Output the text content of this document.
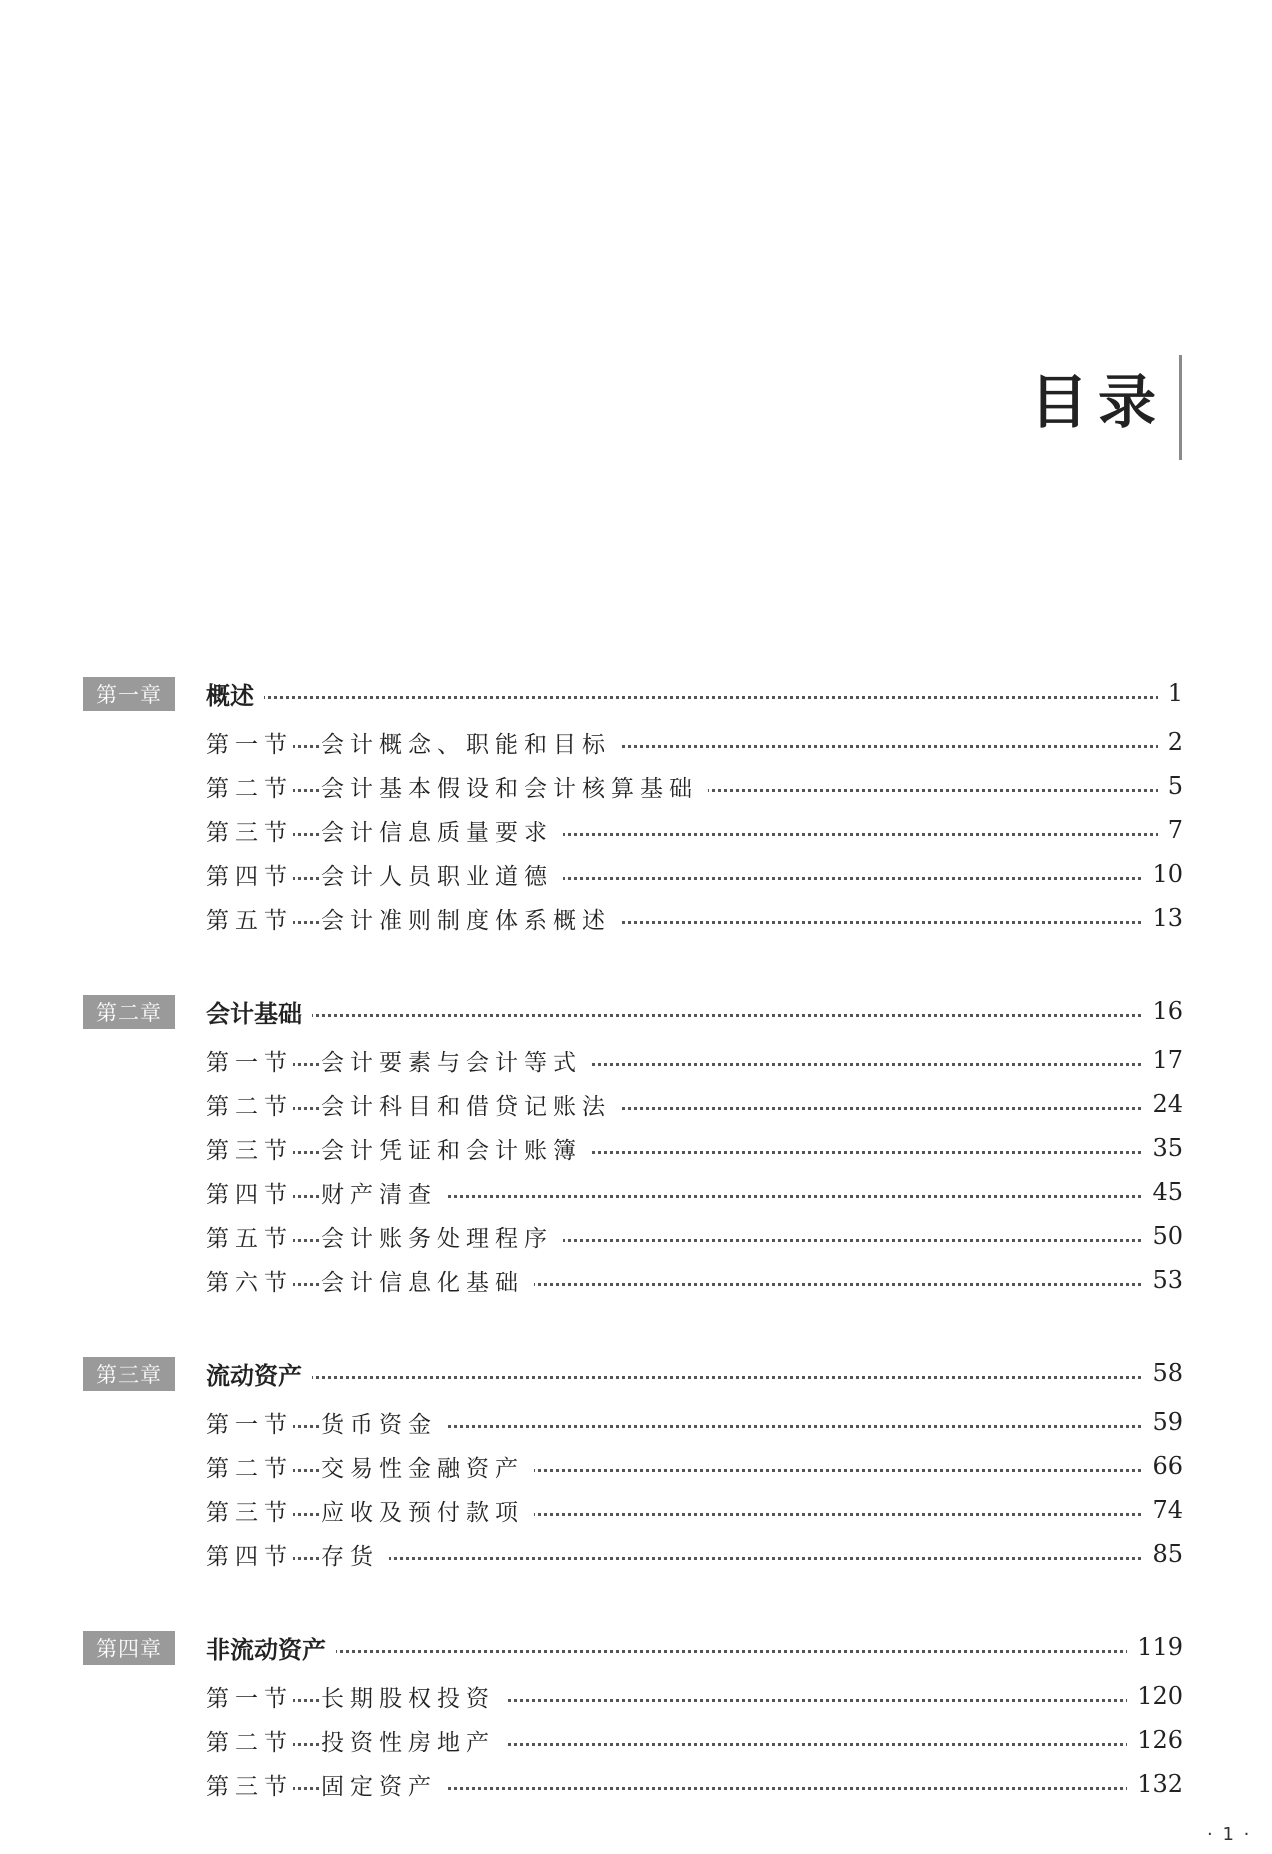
目录
第一章	概述	1
第一节 会计概念、职能和目标	2
第二节 会计基本假设和会计核算基础	5
第三节 会计信息质量要求	7
第四节 会计人员职业道德	10
第五节 会计准则制度体系概述	13
第二章	会计基础	16
第一节 会计要素与会计等式	17
第二节 会计科目和借贷记账法	24
第三节 会计凭证和会计账簿	35
第四节 财产清查	45
第五节 会计账务处理程序	50
第六节 会计信息化基础	53
第三章	流动资产	58
第一节 货币资金	59
第二节 交易性金融资产	66
第三节 应收及预付款项	74
第四节 存货	85
第四章	非流动资产	119
第一节 长期股权投资	120
第二节 投资性房地产	126
第三节 固定资产	132
· 1 ·
